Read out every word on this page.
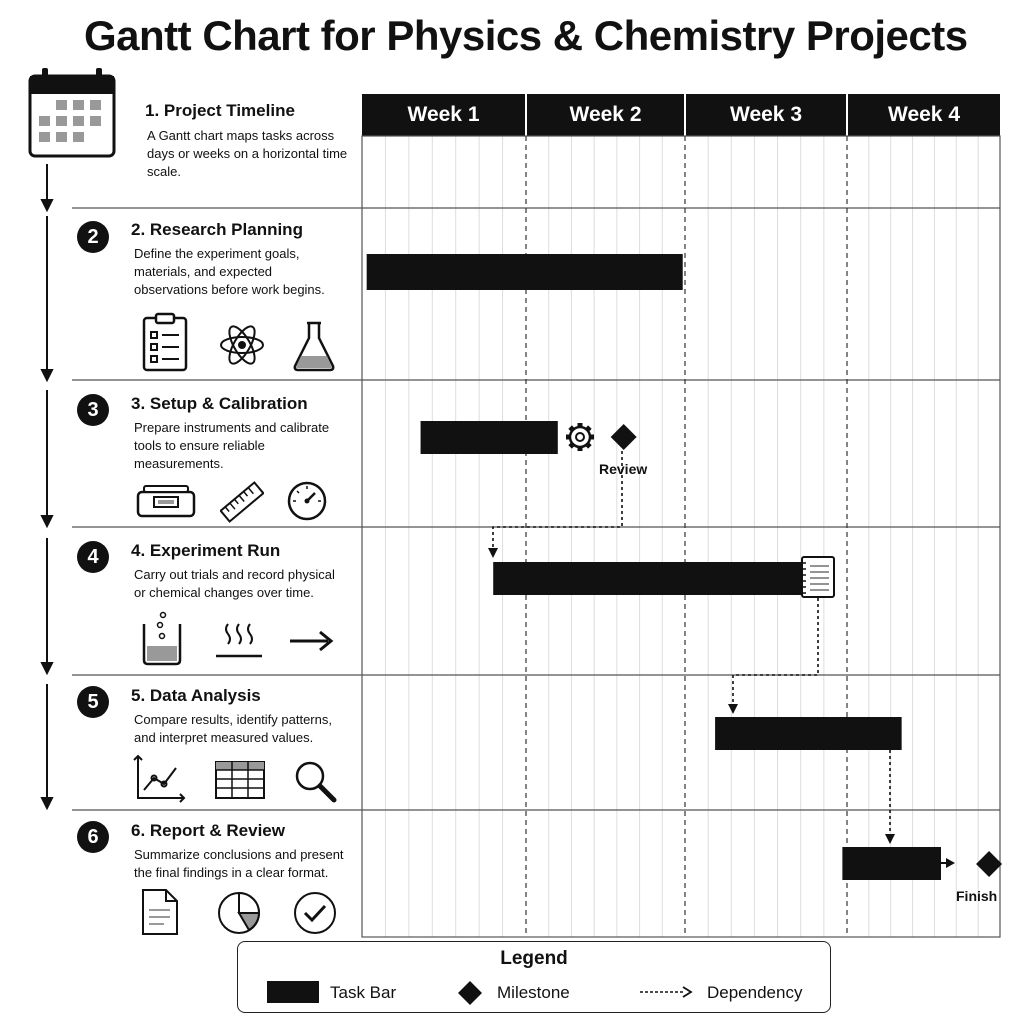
Gantt Chart for Physics & Chemistry Projects
1. Project Timeline
A Gantt chart maps tasks across days or weeks on a horizontal time scale.
2	2. Research Planning
Define the experiment goals, materials, and expected observations before work begins.
3	3. Setup & Calibration
Prepare instruments and calibrate tools to ensure reliable measurements.
4	4. Experiment Run
Carry out trials and record physical or chemical changes over time.
5	5. Data Analysis
Compare results, identify patterns, and interpret measured values.
6	6. Report & Review
Summarize conclusions and present the final findings in a clear format.
Week 1	Week 2	Week 3	Week 4
Review
Finish
Legend
Task Bar	Milestone	Dependency
